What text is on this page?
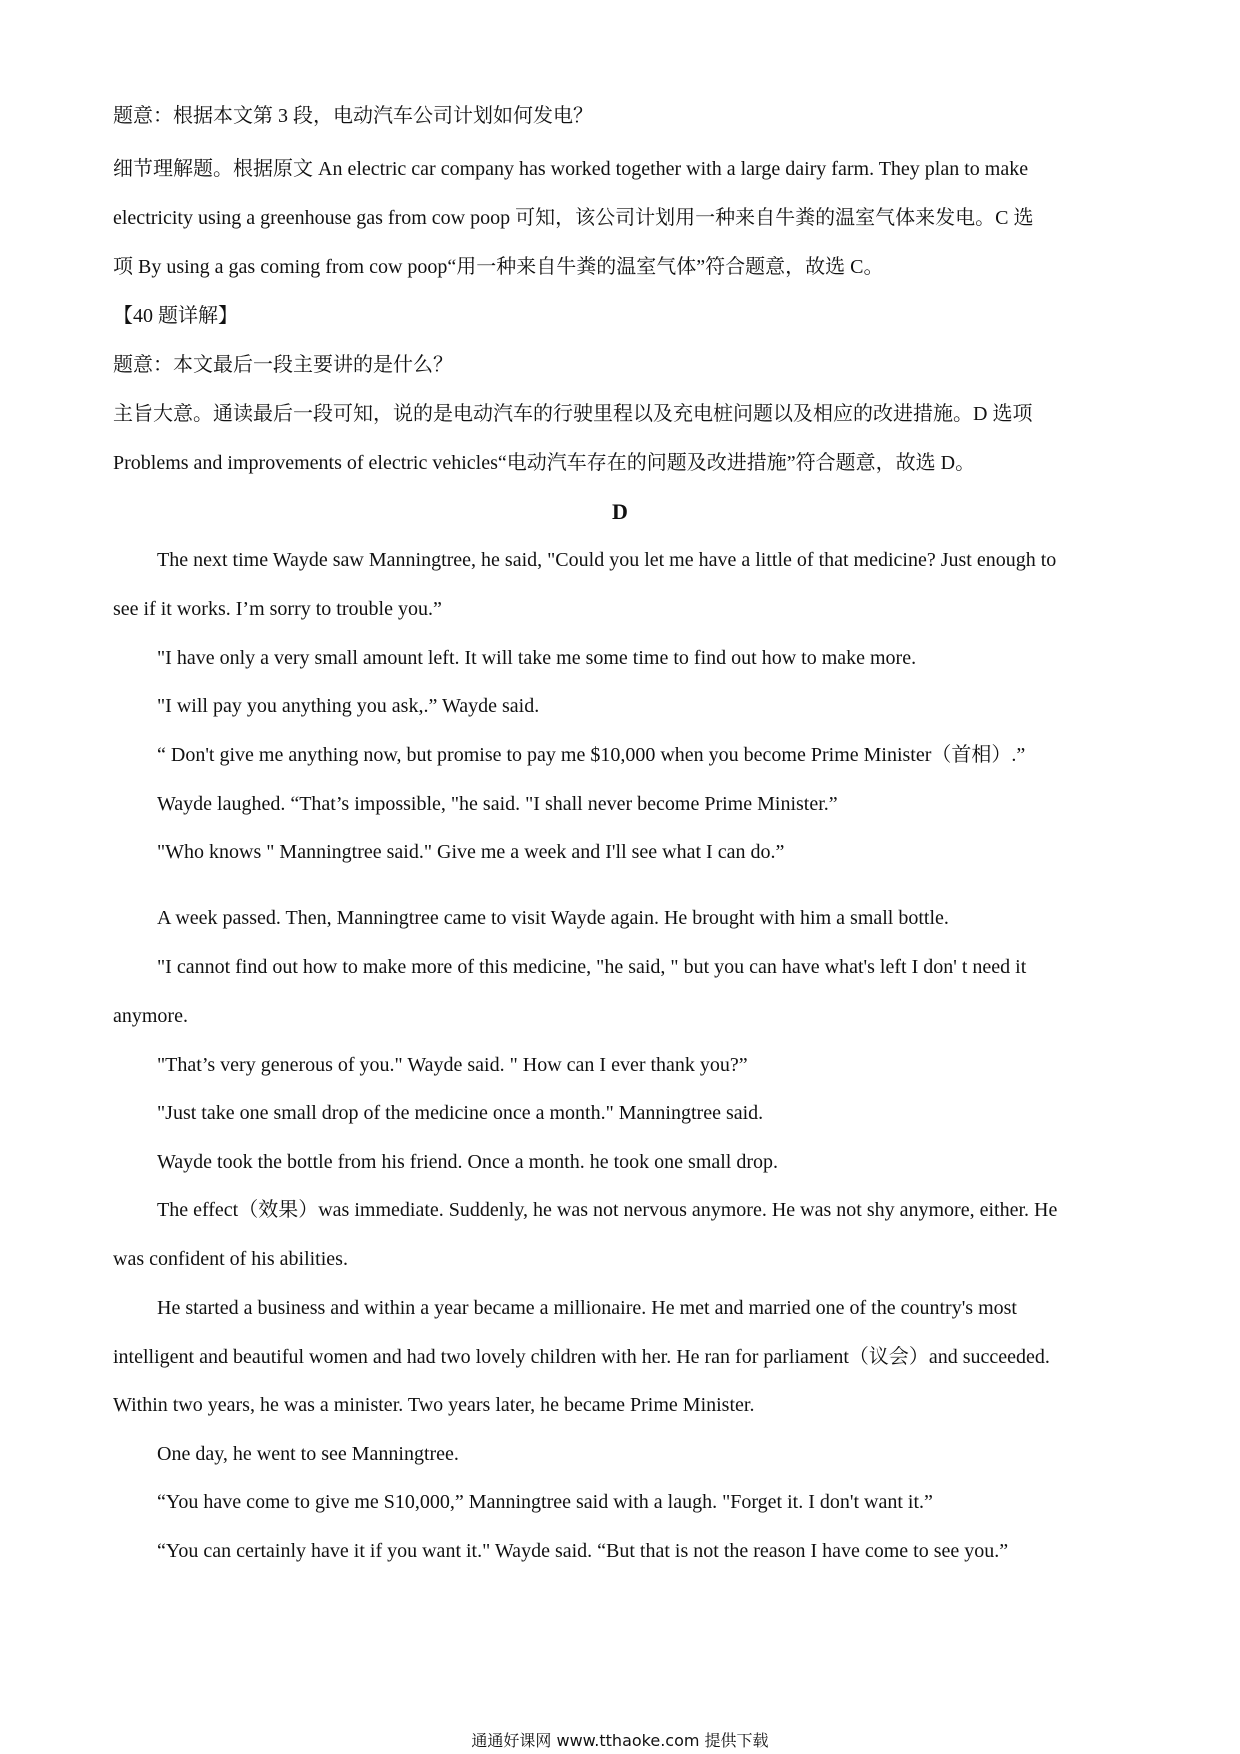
题意：根据本文第 3 段，电动汽车公司计划如何发电？
细节理解题。根据原文 An electric car company has worked together with a large dairy farm. They plan to make
electricity using a greenhouse gas from cow poop 可知，该公司计划用一种来自牛粪的温室气体来发电。C 选
项 By using a gas coming from cow poop“用一种来自牛粪的温室气体”符合题意，故选 C。
【40 题详解】
题意：本文最后一段主要讲的是什么？
主旨大意。通读最后一段可知，说的是电动汽车的行驶里程以及充电桩问题以及相应的改进措施。D 选项
Problems and improvements of electric vehicles“电动汽车存在的问题及改进措施”符合题意，故选 D。
D
The next time Wayde saw Manningtree, he said, "Could you let me have a little of that medicine? Just enough to
see if it works. I’m sorry to trouble you.”
"I have only a very small amount left. It will take me some time to find out how to make more.
"I will pay you anything you ask,.” Wayde said.
“ Don't give me anything now, but promise to pay me $10,000 when you become Prime Minister（首相）.”
Wayde laughed. “That’s impossible, "he said. "I shall never become Prime Minister.”
"Who knows " Manningtree said." Give me a week and I'll see what I can do.”
A week passed. Then, Manningtree came to visit Wayde again. He brought with him a small bottle.
"I cannot find out how to make more of this medicine, "he said, " but you can have what's left I don' t need it
anymore.
"That’s very generous of you." Wayde said. " How can I ever thank you?”
"Just take one small drop of the medicine once a month." Manningtree said.
Wayde took the bottle from his friend. Once a month. he took one small drop.
The effect（效果）was immediate. Suddenly, he was not nervous anymore. He was not shy anymore, either. He
was confident of his abilities.
He started a business and within a year became a millionaire. He met and married one of the country's most
intelligent and beautiful women and had two lovely children with her. He ran for parliament（议会）and succeeded.
Within two years, he was a minister. Two years later, he became Prime Minister.
One day, he went to see Manningtree.
“You have come to give me S10,000,” Manningtree said with a laugh. "Forget it. I don't want it.”
“You can certainly have it if you want it." Wayde said. “But that is not the reason I have come to see you.”
通通好课网 www.tthaoke.com 提供下载
